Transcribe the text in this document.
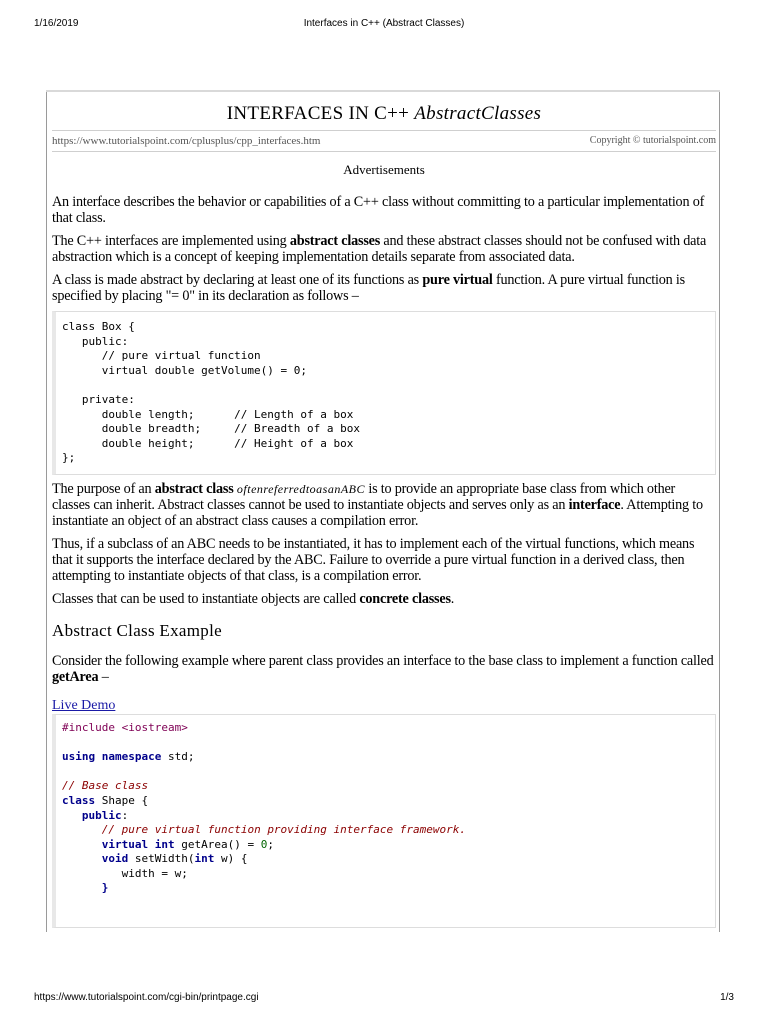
1/16/2019	Interfaces in C++ (Abstract Classes)
INTERFACES IN C++ AbstractClasses
https://www.tutorialspoint.com/cplusplus/cpp_interfaces.htm	Copyright © tutorialspoint.com
Advertisements

An interface describes the behavior or capabilities of a C++ class without committing to a particular implementation of that class.

The C++ interfaces are implemented using abstract classes and these abstract classes should not be confused with data abstraction which is a concept of keeping implementation details separate from associated data.

A class is made abstract by declaring at least one of its functions as pure virtual function. A pure virtual function is specified by placing "= 0" in its declaration as follows –

class Box {
public:
// pure virtual function
virtual double getVolume() = 0;

private:
double length;      // Length of a box
double breadth;     // Breadth of a box
double height;      // Height of a box
};

The purpose of an abstract class oftenreferredtoasanABC is to provide an appropriate base class from which other classes can inherit. Abstract classes cannot be used to instantiate objects and serves only as an interface. Attempting to instantiate an object of an abstract class causes a compilation error.

Thus, if a subclass of an ABC needs to be instantiated, it has to implement each of the virtual functions, which means that it supports the interface declared by the ABC. Failure to override a pure virtual function in a derived class, then attempting to instantiate objects of that class, is a compilation error.

Classes that can be used to instantiate objects are called concrete classes.

Abstract Class Example

Consider the following example where parent class provides an interface to the base class to implement a function called getArea –

Live Demo
#include <iostream>

using namespace std;

// Base class
class Shape {
public:
// pure virtual function providing interface framework.
virtual int getArea() = 0;
void setWidth(int w) {
width = w;
}
https://www.tutorialspoint.com/cgi-bin/printpage.cgi	1/3
